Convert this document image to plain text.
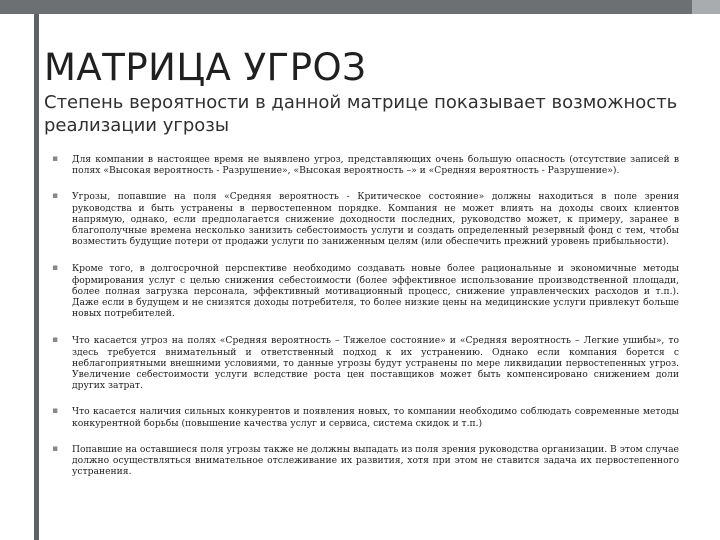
МАТРИЦА УГРОЗ

Степень вероятности в данной матрице показывает возможность реализации угрозы

▪ Для компании в настоящее время не выявлено угроз, представляющих очень большую опасность (отсутствие записей в полях «Высокая вероятность - Разрушение», «Высокая вероятность –» и «Средняя вероятность - Разрушение»).
▪ Угрозы, попавшие на поля «Средняя вероятность - Критическое состояние» должны находиться в поле зрения руководства и быть устранены в первостепенном порядке. Компания не может влиять на доходы своих клиентов напрямую, однако, если предполагается снижение доходности последних, руководство может, к примеру, заранее в благополучные времена несколько занизить себестоимость услуги и создать определенный резервный фонд с тем, чтобы возместить будущие потери от продажи услуги по заниженным целям (или обеспечить прежний уровень прибыльности).
▪ Кроме того, в долгосрочной перспективе необходимо создавать новые более рациональные и экономичные методы формирования услуг с целью снижения себестоимости (более эффективное использование производственной площади, более полная загрузка персонала, эффективный мотивационный процесс, снижение управленческих расходов и т.п.). Даже если в будущем и не снизятся доходы потребителя, то более низкие цены на медицинские услуги привлекут больше новых потребителей.
▪ Что касается угроз на полях «Средняя вероятность – Тяжелое состояние» и «Средняя вероятность – Легкие ушибы», то здесь требуется внимательный и ответственный подход к их устранению. Однако если компания борется с неблагоприятными внешними условиями, то данные угрозы будут устранены по мере ликвидации первостепенных угроз. Увеличение себестоимости услуги вследствие роста цен поставщиков может быть компенсировано снижением доли других затрат.
▪ Что касается наличия сильных конкурентов и появления новых, то компании необходимо соблюдать современные методы конкурентной борьбы (повышение качества услуг и сервиса, система скидок и т.п.)
▪ Попавшие на оставшиеся поля угрозы также не должны выпадать из поля зрения руководства организации. В этом случае должно осуществляться внимательное отслеживание их развития, хотя при этом не ставится задача их первостепенного устранения.
